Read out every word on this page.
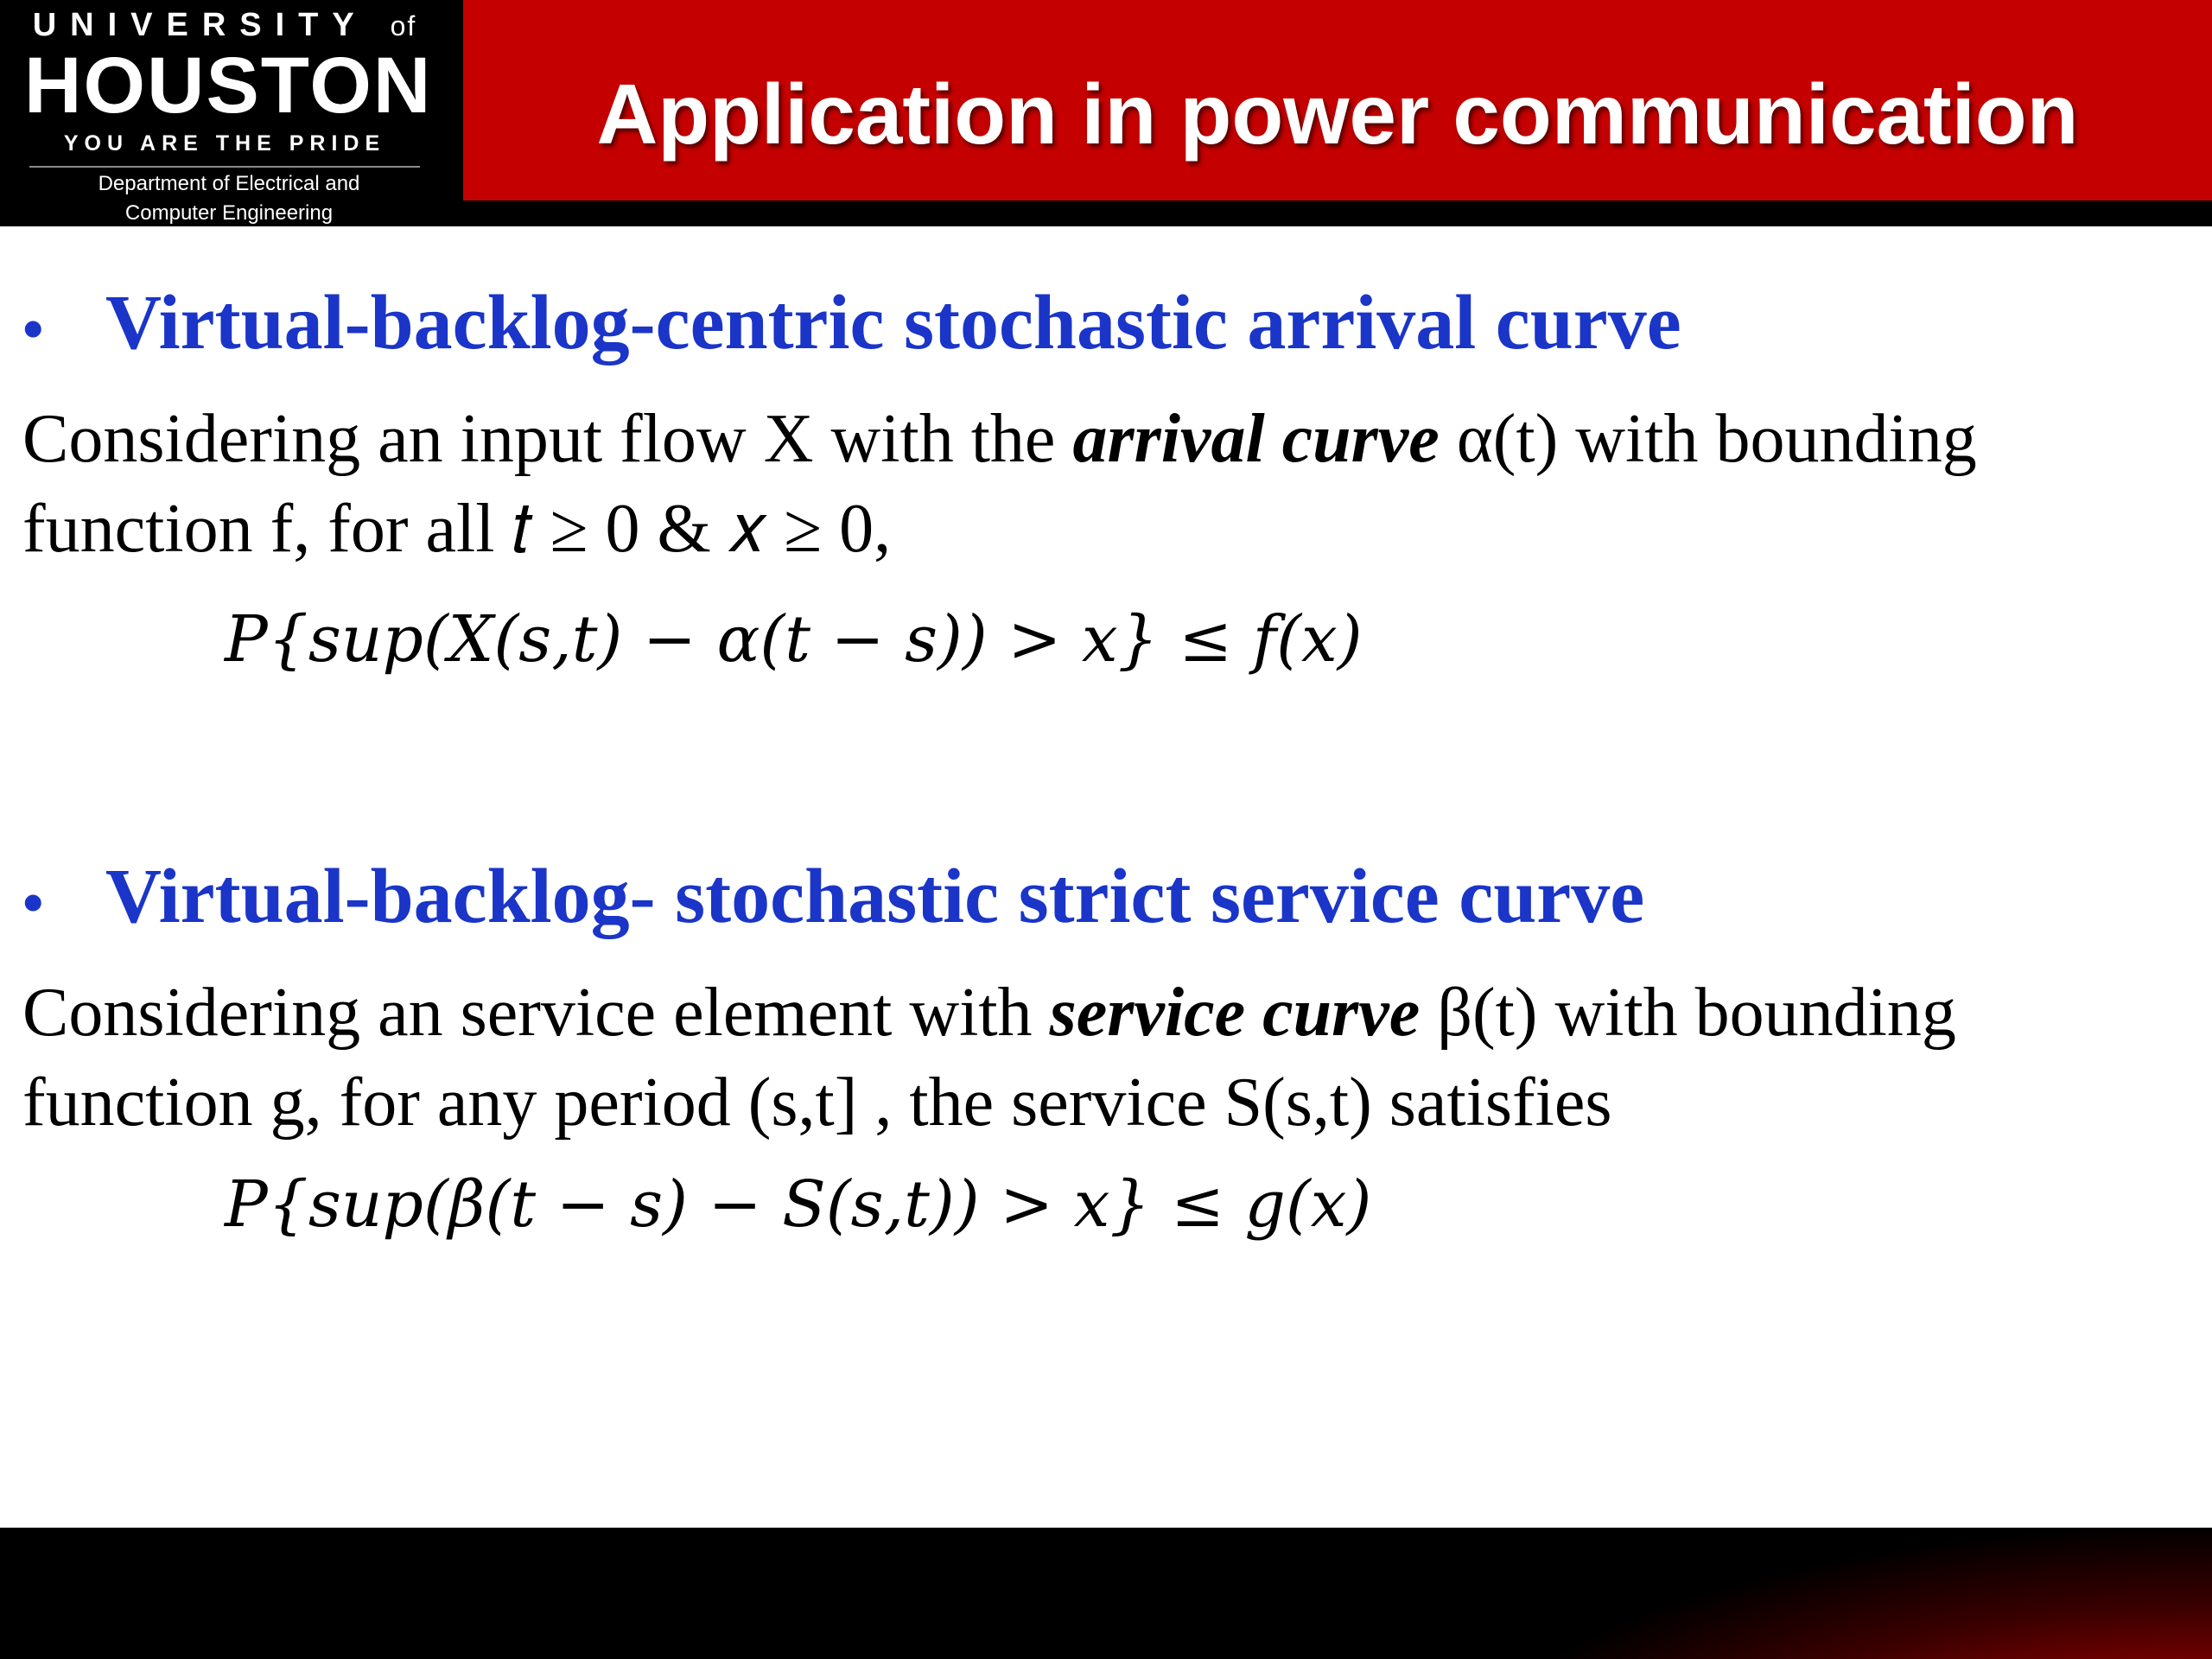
UNIVERSITY of
HOUSTON
YOU ARE THE PRIDE
Department of Electrical and
Computer Engineering
Application in power communication
• Virtual-backlog-centric stochastic arrival curve
Considering an input flow X with the arrival curve α(t) with bounding
function f, for all 𝑡 ≥ 0 & 𝑥 ≥ 0,
P{sup(X(s,t) − α(t − s)) > x} ≤ f(x)
• Virtual-backlog- stochastic strict service curve
Considering an service element with service curve β(t) with bounding
function g, for any period (s,t] , the service S(s,t) satisfies
P{sup(β(t − s) − S(s,t)) > x} ≤ g(x)
